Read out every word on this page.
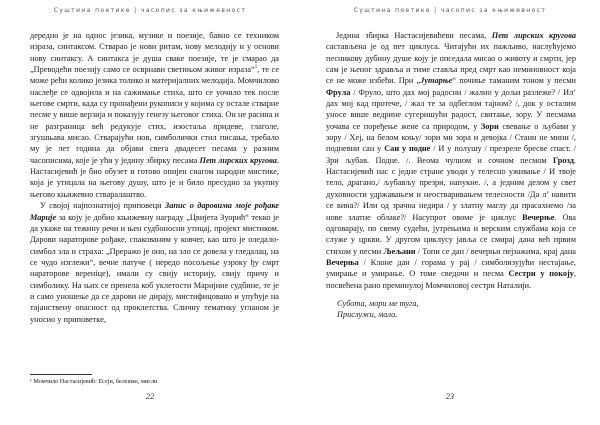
Суштина поетике | часопис за књижевност

дередно је на однос језика, музике и поезије, бавно се техником израза, синтаксом. Стварао је нови ритам, нову мелодију и у основи нову синтаксу. А синтакса је душа сваке поезије, те је смарао да „Преводећи поезију само се осврнави светињом живог израза“$^1$, те се може рећи колико језика толико и материјалних мелодија. Момчилово наслеђе се одвојила и на сажимање стиха, што се уочило тек после његове смрти, када су пронађени рукописи у којима су остале стварне песме у више верзија и показују генезу његовог стиха. Он не расина и не разграница већ редукује стих, изостаља придеве, глаголе, згушњава мисао. Стварајући нов, симболички стил писања, требало му је лет година да објави свега двадесет песама у разним часописима, које је ући у једину збирку песама Пет лирских кругова. Настасијевић је био обузет и готово опијен снагом народне мистике, која је утицала на његову душу, што је и било пресудно за укупну његово књижевно стваралаштво.

У својој најпознатијој приповеци Запис о даровима моје рођаке Марије за коју је добио књижевну награду „Цвијета Зуорић“ текко је да укаже на тежину речи и њен судбоносни утицај, пројект мистиком. Дарови нараторове рођаке, спакованим у ковчег, као што је оледало-симбол зла и страха: „Преражо је оно, на зло се довела у гледалац, на се чудо изглежи“, вечне патуче ( нередо посољење узроку ђу смрт нараторове вереніце), имали су свију историју, свију причу и симболику. На њих се пренела коб уклетости Маријине судбине, те је и само уношење да се дарови не дирају, мистифицовано и упућује на тајанствену опасност од проклетства. Сличну тематику угланом је уносио у приповетке,

¹ Момчило Настасијевић: Есеји, белешке, мисли
22
Суштина поетике | часопис за књижевност

Једина збирка Настасијевићеви песама, Пет лирских кругова састављена је од пет циклуса. Читајући их пажљиво, наслућујемо песникову дубину душе коју је опседала мисао о животу и смрти, јер сам је њеног здравља и тиме ставља пред смрт као неминовност која се не може избећи. При „Јутарње“ почиње таманим тоном у песми Фрула / Фрулo, што дах мој радосни / жалио у дољи разлеже? / Ил’ дах мој кад протече, / жал те за одбеглом тајном? /, док у осталим уносе више ведрине сугеришући радост, свитање, зору. У песмама уочава се поређење жене са природом, у Зори свевање о љубави у зору / Хеј, на белом коњу/ зори ми зора и девојка / Стани не мини /, подневни сан у Сан у подне / И у полушу / презреле бресве спаст. / Зри љубав. Подне. /. Веома чулном и сочном песмом Грозд. Настасијевић нас с једне стране уводи у телесно уживање / И твоје тело, драгано,/ љубављу презри, напукне. /, а једним делом у свет духовности удржавањем и неостваривањем телесности /Да л’ навити се вина?/ Или од зрачна недира / у златну маглу да прасахнемо /за нове златне облаке?/ Насупрот овоме је циклус Вечерње. Ова одговарају, по свему судећи, јутрењима и верским службама која се служе у цркви. У другом циклусу јавља се смирај дана већ првим стихом у песми Љељани / Топи се дан / вечерњи пејзажима, крај дана Вечерња / Клоне дан / горама у рај / симболизујући нестајање, умирање и умирање. О томе сведочи и песма Сестри у покоју, посвећена рано преминулој Момчиловој сестри Наталији.

Субота, мори ме туга,
Прислужи, мало.
23
